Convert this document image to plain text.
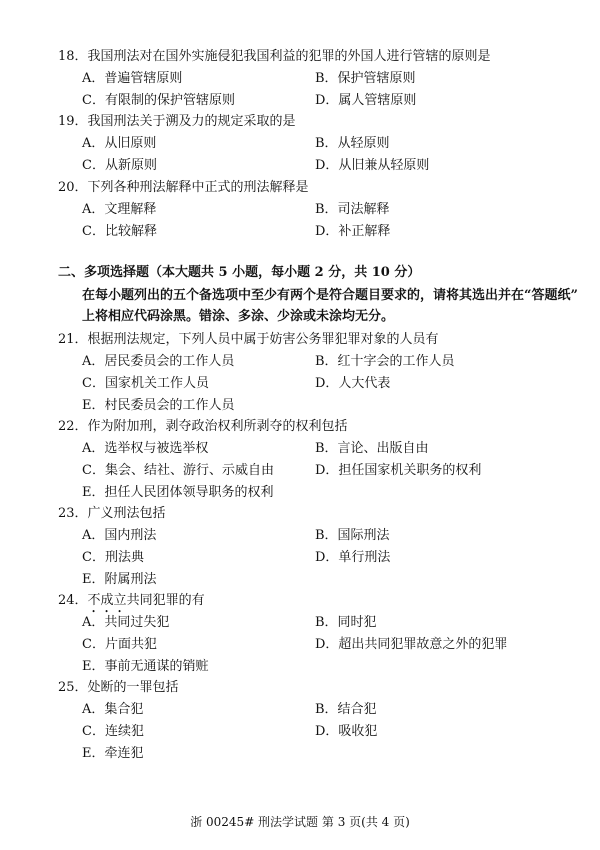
18．我国刑法对在国外实施侵犯我国利益的犯罪的外国人进行管辖的原则是
A．普遍管辖原则	B．保护管辖原则
C．有限制的保护管辖原则	D．属人管辖原则
19．我国刑法关于溯及力的规定采取的是
A．从旧原则	B．从轻原则
C．从新原则	D．从旧兼从轻原则
20．下列各种刑法解释中正式的刑法解释是
A．文理解释	B．司法解释
C．比较解释	D．补正解释
二、多项选择题（本大题共 5 小题，每小题 2 分，共 10 分）
在每小题列出的五个备选项中至少有两个是符合题目要求的，请将其选出并在“答题纸”
上将相应代码涂黑。错涂、多涂、少涂或未涂均无分。
21．根据刑法规定，下列人员中属于妨害公务罪犯罪对象的人员有
A．居民委员会的工作人员	B．红十字会的工作人员
C．国家机关工作人员	D．人大代表
E．村民委员会的工作人员
22．作为附加刑，剥夺政治权利所剥夺的权利包括
A．选举权与被选举权	B．言论、出版自由
C．集会、结社、游行、示威自由	D．担任国家机关职务的权利
E．担任人民团体领导职务的权利
23．广义刑法包括
A．国内刑法	B．国际刑法
C．刑法典	D．单行刑法
E．附属刑法
24．不成立共同犯罪的有
A．共同过失犯	B．同时犯
C．片面共犯	D．超出共同犯罪故意之外的犯罪
E．事前无通谋的销赃
25．处断的一罪包括
A．集合犯	B．结合犯
C．连续犯	D．吸收犯
E．牵连犯
浙 00245# 刑法学试题 第 3 页(共 4 页)
